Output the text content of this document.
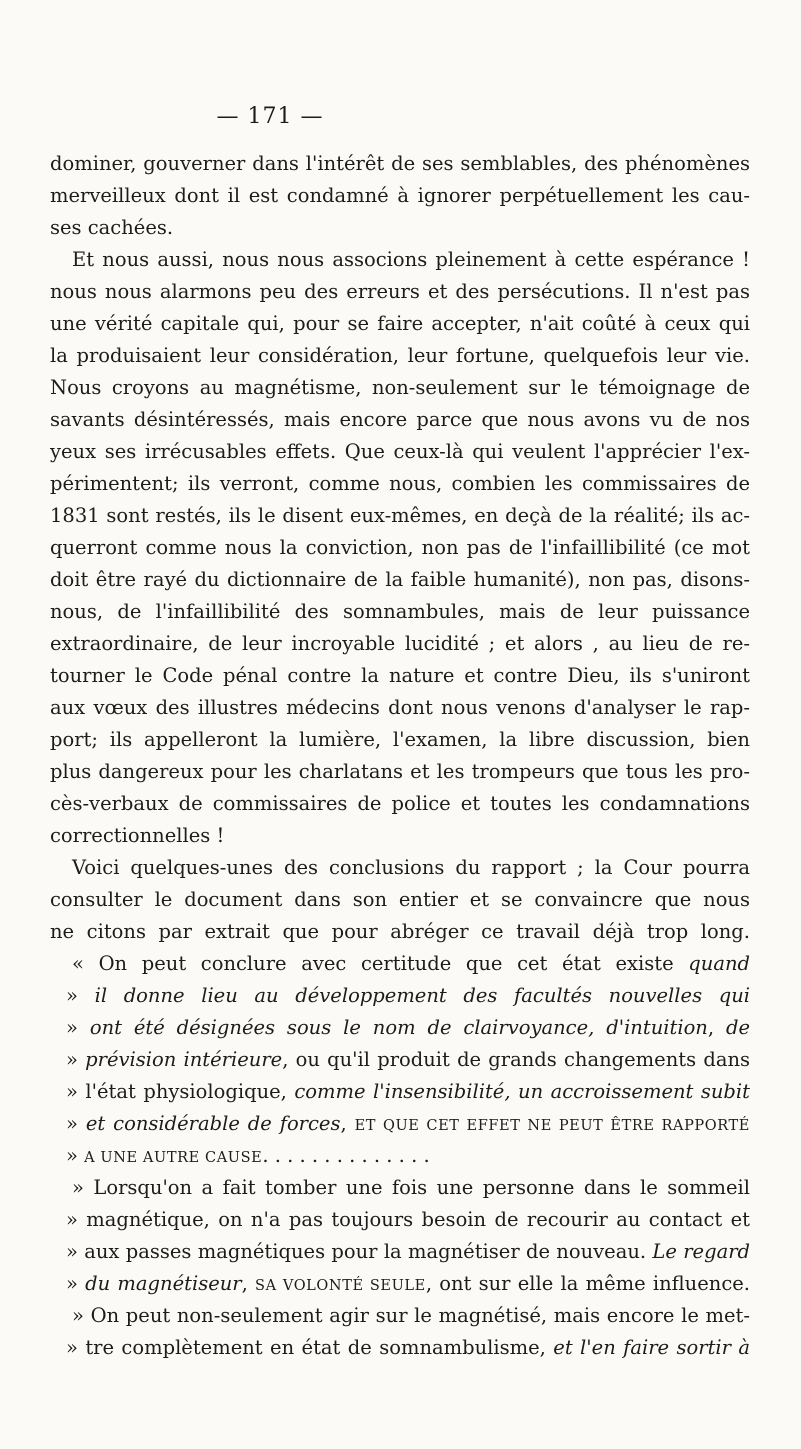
— 171 —
dominer, gouverner dans l'intérêt de ses semblables, des phénomènes
merveilleux dont il est condamné à ignorer perpétuellement les cau-
ses cachées.
Et nous aussi, nous nous associons pleinement à cette espérance !
nous nous alarmons peu des erreurs et des persécutions. Il n'est pas
une vérité capitale qui, pour se faire accepter, n'ait coûté à ceux qui
la produisaient leur considération, leur fortune, quelquefois leur vie.
Nous croyons au magnétisme, non-seulement sur le témoignage de
savants désintéressés, mais encore parce que nous avons vu de nos
yeux ses irrécusables effets. Que ceux-là qui veulent l'apprécier l'ex-
périmentent; ils verront, comme nous, combien les commissaires de
1831 sont restés, ils le disent eux-mêmes, en deçà de la réalité; ils ac-
querront comme nous la conviction, non pas de l'infaillibilité (ce mot
doit être rayé du dictionnaire de la faible humanité), non pas, disons-
nous, de l'infaillibilité des somnambules, mais de leur puissance
extraordinaire, de leur incroyable lucidité ; et alors , au lieu de re-
tourner le Code pénal contre la nature et contre Dieu, ils s'uniront
aux vœux des illustres médecins dont nous venons d'analyser le rap-
port; ils appelleront la lumière, l'examen, la libre discussion, bien
plus dangereux pour les charlatans et les trompeurs que tous les pro-
cès-verbaux de commissaires de police et toutes les condamnations
correctionnelles !
Voici quelques-unes des conclusions du rapport ; la Cour pourra
consulter le document dans son entier et se convaincre que nous
ne citons par extrait que pour abréger ce travail déjà trop long.
« On peut conclure avec certitude que cet état existe quand
» il donne lieu au développement des facultés nouvelles qui
» ont été désignées sous le nom de clairvoyance, d'intuition, de
» prévision intérieure, ou qu'il produit de grands changements dans
» l'état physiologique, comme l'insensibilité, un accroissement subit
» et considérable de forces, ET QUE CET EFFET NE PEUT ÊTRE RAPPORTÉ
» A UNE AUTRE CAUSE. . . . . . . . . . . . . .
» Lorsqu'on a fait tomber une fois une personne dans le sommeil
» magnétique, on n'a pas toujours besoin de recourir au contact et
» aux passes magnétiques pour la magnétiser de nouveau. Le regard
» du magnétiseur, SA VOLONTÉ SEULE, ont sur elle la même influence.
» On peut non-seulement agir sur le magnétisé, mais encore le met-
» tre complètement en état de somnambulisme, et l'en faire sortir à
